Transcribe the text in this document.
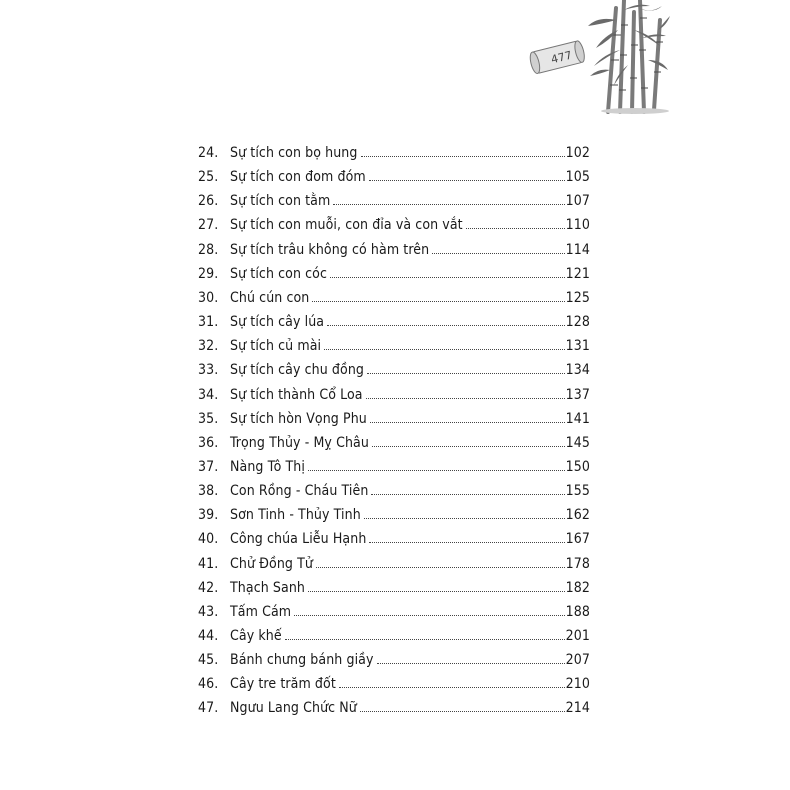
477
24. Sự tích con bọ hung	102
25. Sự tích con đom đóm	105
26. Sự tích con tằm	107
27. Sự tích con muỗi, con đỉa và con vắt	110
28. Sự tích trâu không có hàm trên	114
29. Sự tích con cóc	121
30. Chú cún con	125
31. Sự tích cây lúa	128
32. Sự tích củ mài	131
33. Sự tích cây chu đồng	134
34. Sự tích thành Cổ Loa	137
35. Sự tích hòn Vọng Phu	141
36. Trọng Thủy - Mỵ Châu	145
37. Nàng Tô Thị	150
38. Con Rồng - Cháu Tiên	155
39. Sơn Tinh - Thủy Tinh	162
40. Công chúa Liễu Hạnh	167
41. Chử Đồng Tử	178
42. Thạch Sanh	182
43. Tấm Cám	188
44. Cây khế	201
45. Bánh chưng bánh giầy	207
46. Cây tre trăm đốt	210
47. Ngưu Lang Chức Nữ	214
